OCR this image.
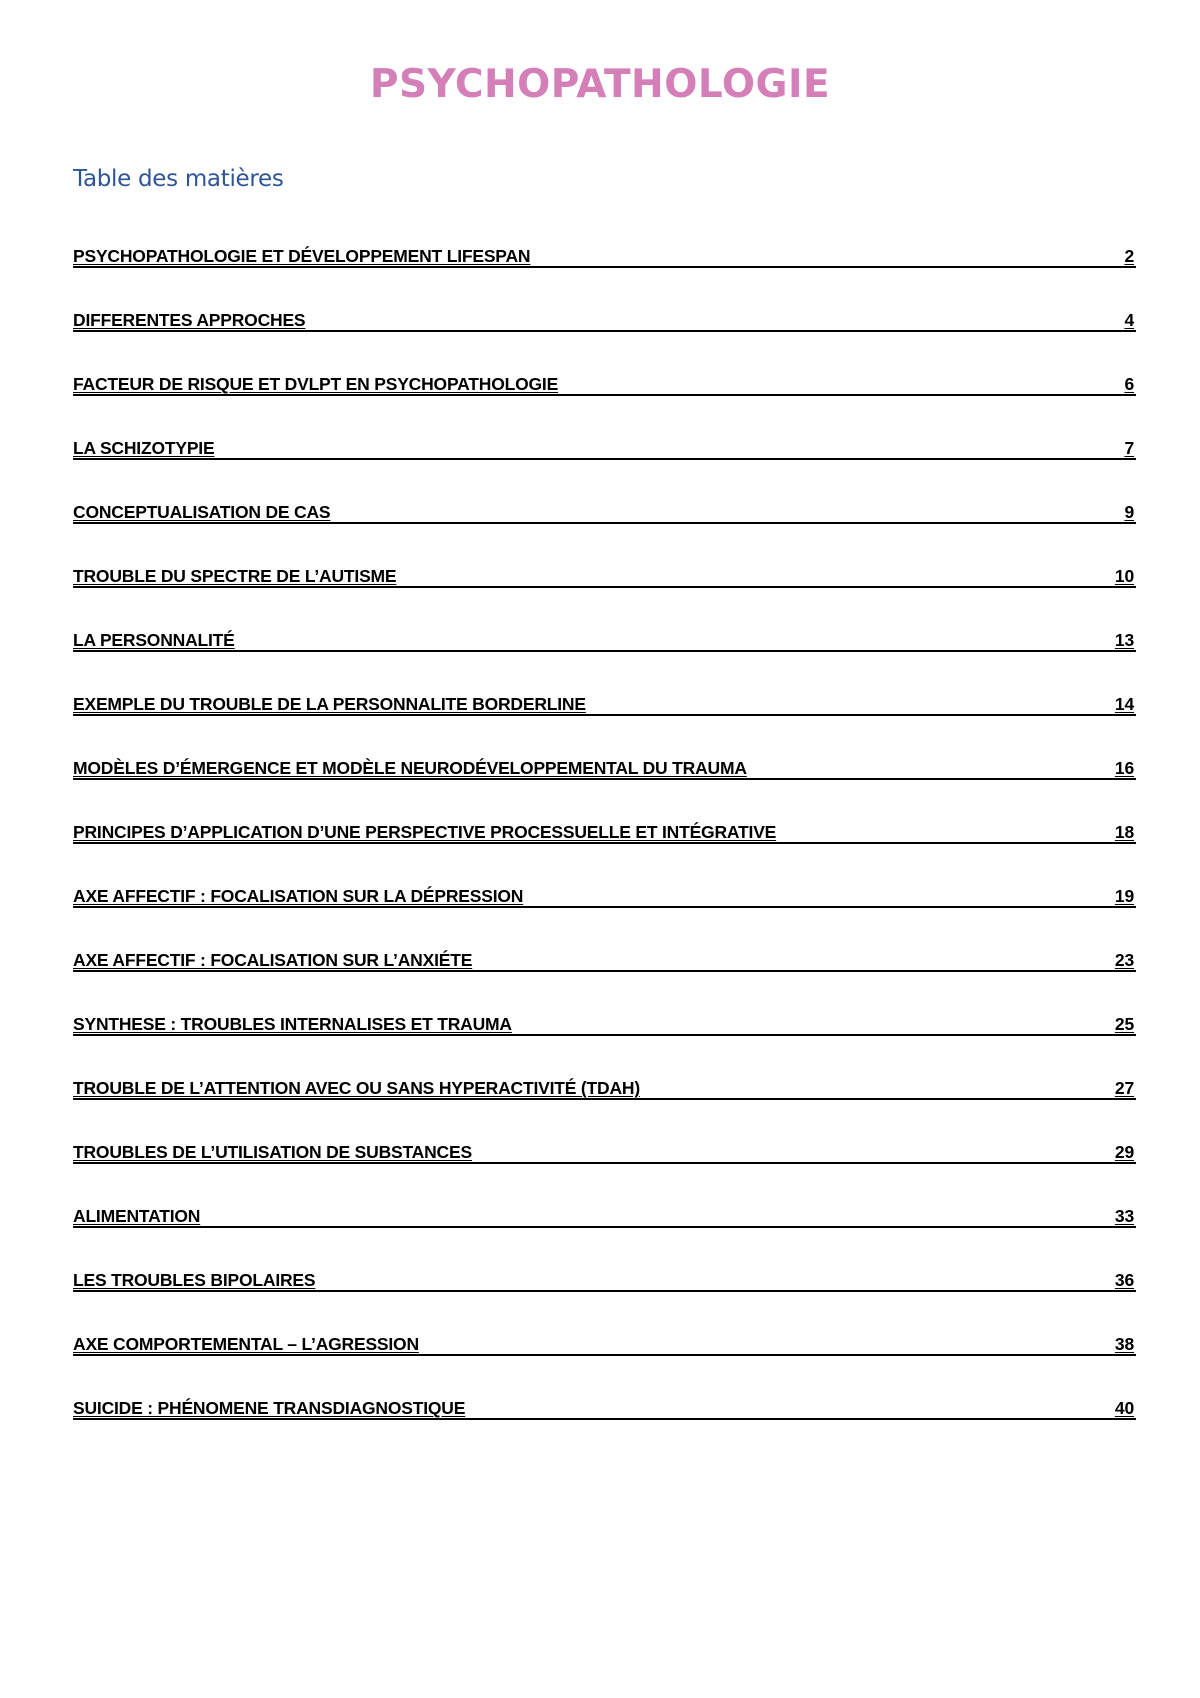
PSYCHOPATHOLOGIE
Table des matières
PSYCHOPATHOLOGIE ET DÉVELOPPEMENT LIFESPAN	2
DIFFERENTES APPROCHES	4
FACTEUR DE RISQUE ET DVLPT EN PSYCHOPATHOLOGIE	6
LA SCHIZOTYPIE	7
CONCEPTUALISATION DE CAS	9
TROUBLE DU SPECTRE DE L’AUTISME	10
LA PERSONNALITÉ	13
EXEMPLE DU TROUBLE DE LA PERSONNALITE BORDERLINE	14
MODÈLES D’ÉMERGENCE ET MODÈLE NEURODÉVELOPPEMENTAL DU TRAUMA	16
PRINCIPES D’APPLICATION D’UNE PERSPECTIVE PROCESSUELLE ET INTÉGRATIVE	18
AXE AFFECTIF : FOCALISATION SUR LA DÉPRESSION	19
AXE AFFECTIF : FOCALISATION SUR L’ANXIÉTE	23
SYNTHESE : TROUBLES INTERNALISES ET TRAUMA	25
TROUBLE DE L’ATTENTION AVEC OU SANS HYPERACTIVITÉ (TDAH)	27
TROUBLES DE L’UTILISATION DE SUBSTANCES	29
ALIMENTATION	33
LES TROUBLES BIPOLAIRES	36
AXE COMPORTEMENTAL – L’AGRESSION	38
SUICIDE : PHÉNOMENE TRANSDIAGNOSTIQUE	40
